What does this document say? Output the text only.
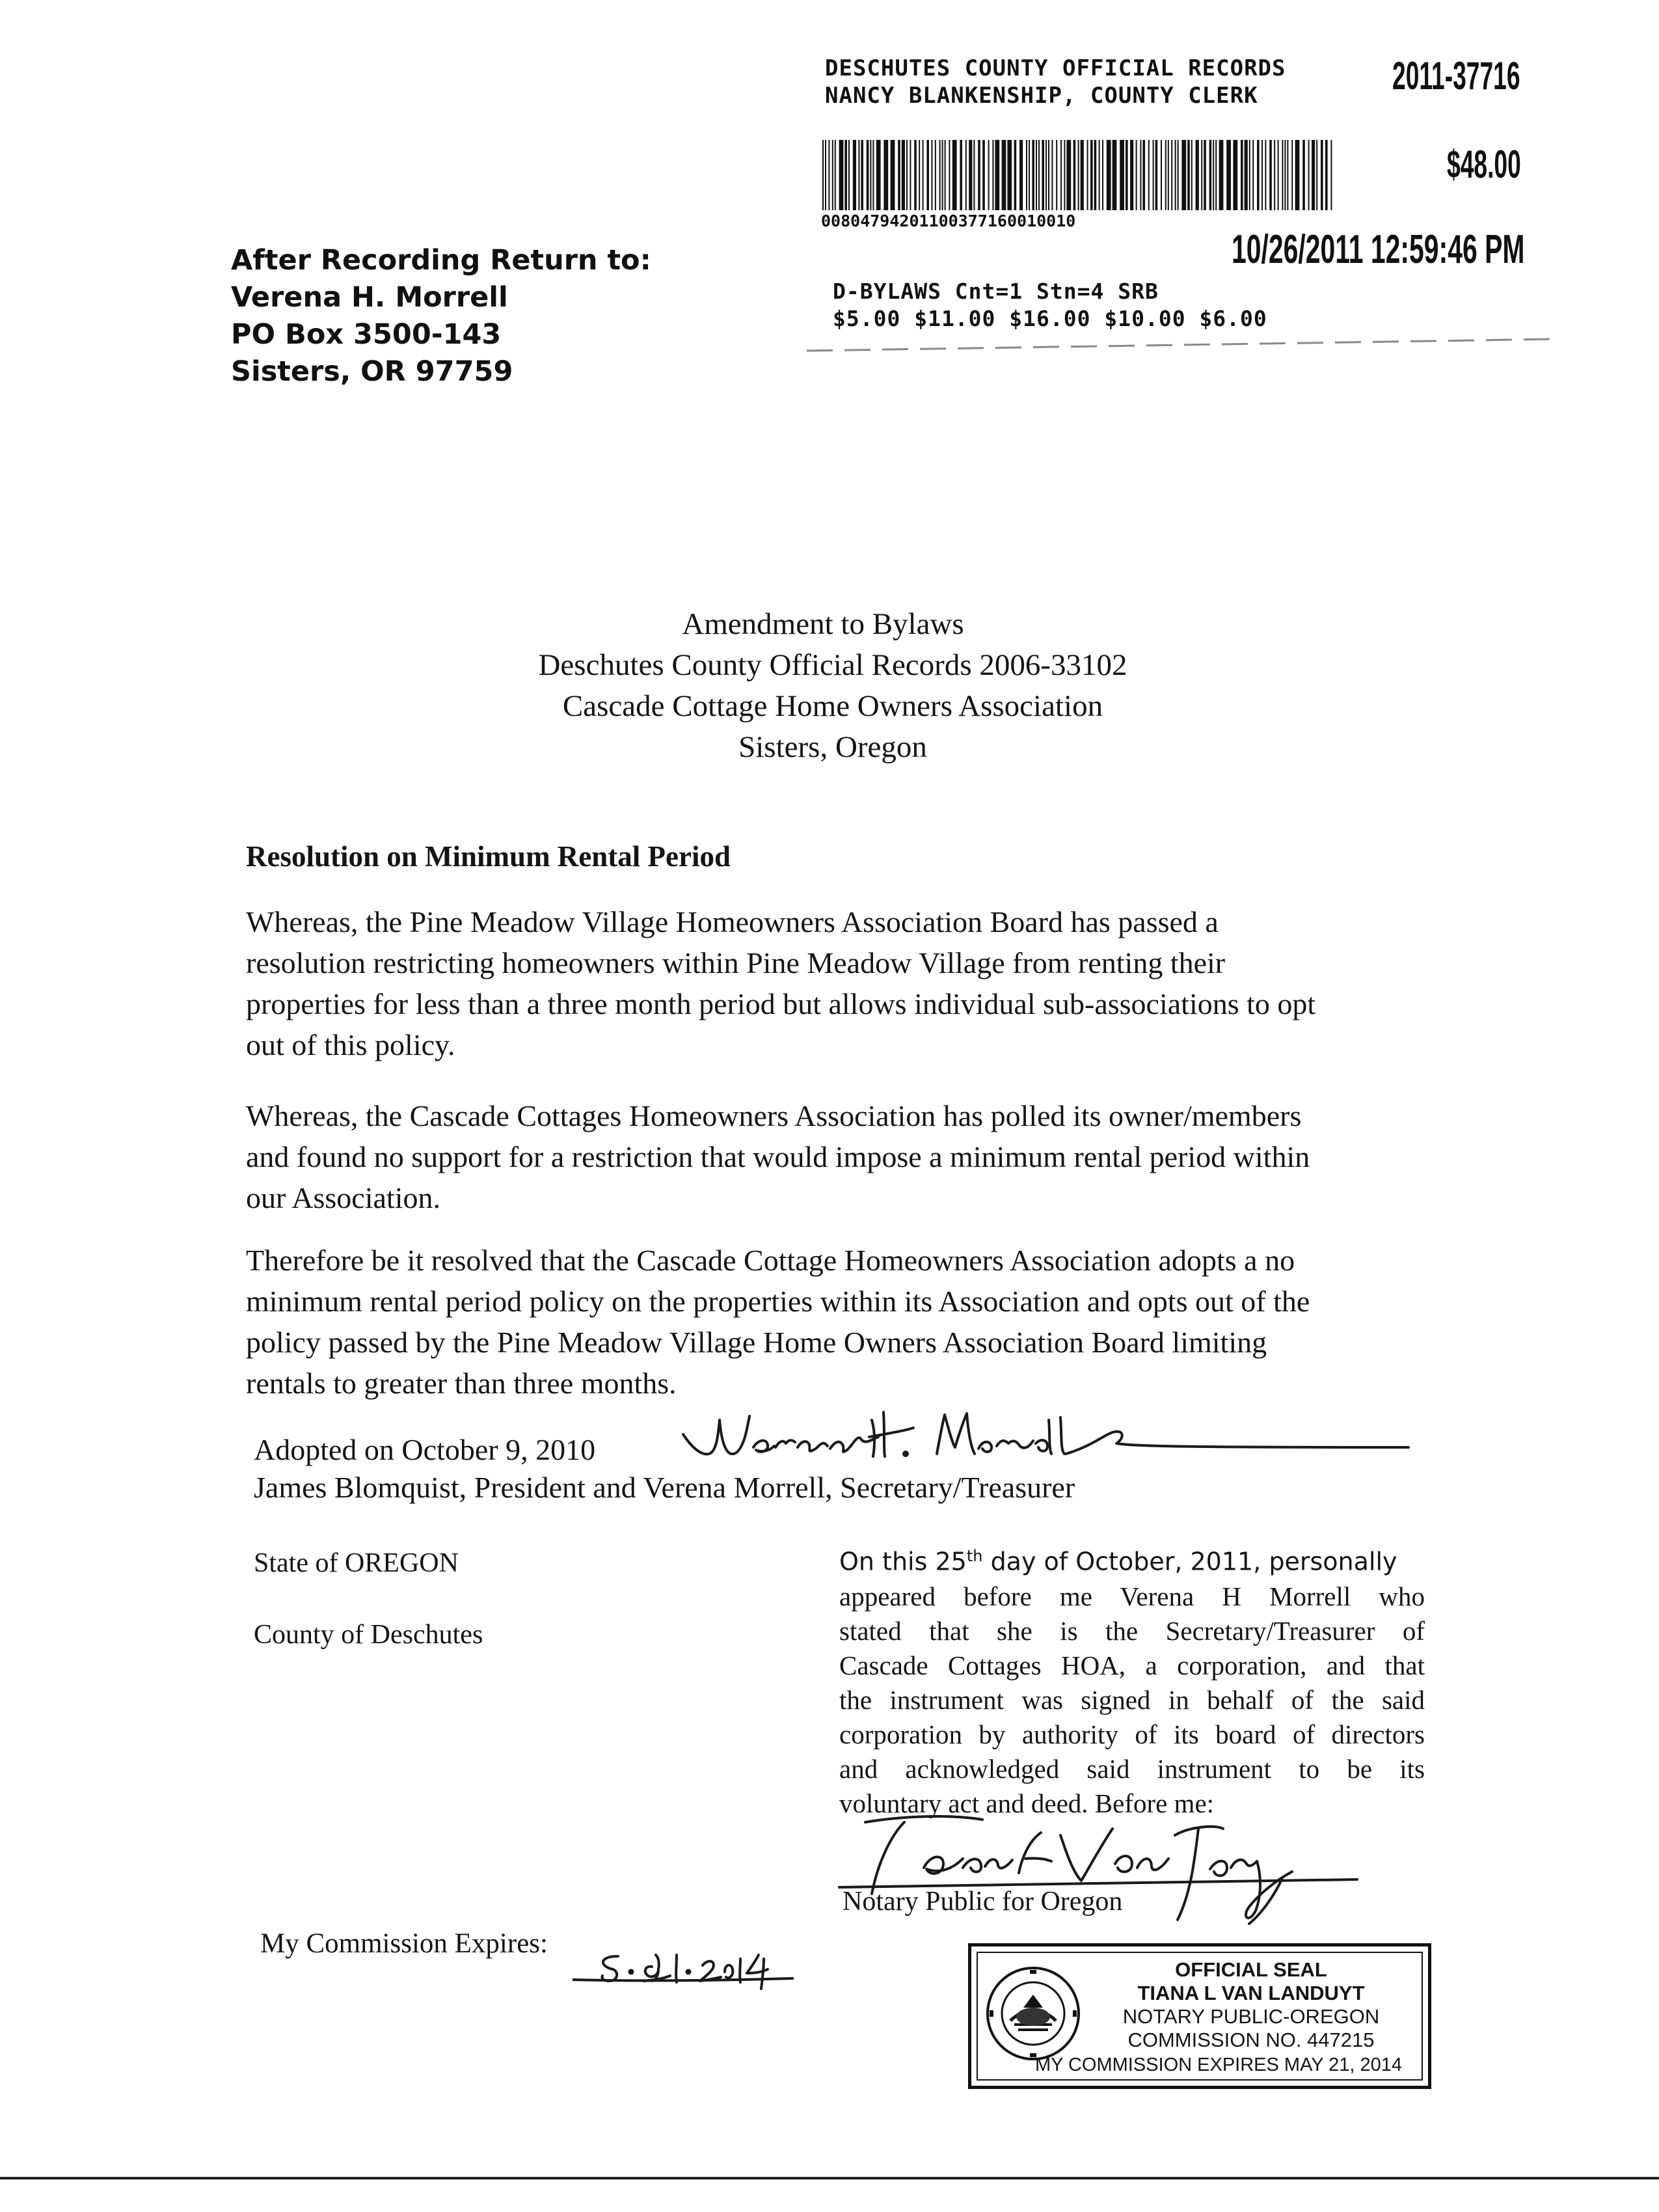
DESCHUTES COUNTY OFFICIAL RECORDS
NANCY BLANKENSHIP, COUNTY CLERK	2011-37716
$48.00
00804794201100377160010010
10/26/2011 12:59:46 PM
D-BYLAWS Cnt=1 Stn=4 SRB
$5.00 $11.00 $16.00 $10.00 $6.00
After Recording Return to:
Verena H. Morrell
PO Box 3500-143
Sisters, OR 97759
Amendment to Bylaws
Deschutes County Official Records 2006-33102
Cascade Cottage Home Owners Association
Sisters, Oregon
Resolution on Minimum Rental Period
Whereas, the Pine Meadow Village Homeowners Association Board has passed a
resolution restricting homeowners within Pine Meadow Village from renting their
properties for less than a three month period but allows individual sub-associations to opt
out of this policy.
Whereas, the Cascade Cottages Homeowners Association has polled its owner/members
and found no support for a restriction that would impose a minimum rental period within
our Association.
Therefore be it resolved that the Cascade Cottage Homeowners Association adopts a no
minimum rental period policy on the properties within its Association and opts out of the
policy passed by the Pine Meadow Village Home Owners Association Board limiting
rentals to greater than three months.
Adopted on October 9, 2010
James Blomquist, President and Verena Morrell, Secretary/Treasurer
State of OREGON
County of Deschutes
On this 25th day of October, 2011, personally
appeared before me Verena H Morrell who
stated that she is the Secretary/Treasurer of
Cascade Cottages HOA, a corporation, and that
the instrument was signed in behalf of the said
corporation by authority of its board of directors
and acknowledged said instrument to be its
voluntary act and deed. Before me:
Notary Public for Oregon
My Commission Expires:
OFFICIAL SEAL
TIANA L VAN LANDUYT
NOTARY PUBLIC-OREGON
COMMISSION NO. 447215
MY COMMISSION EXPIRES MAY 21, 2014
